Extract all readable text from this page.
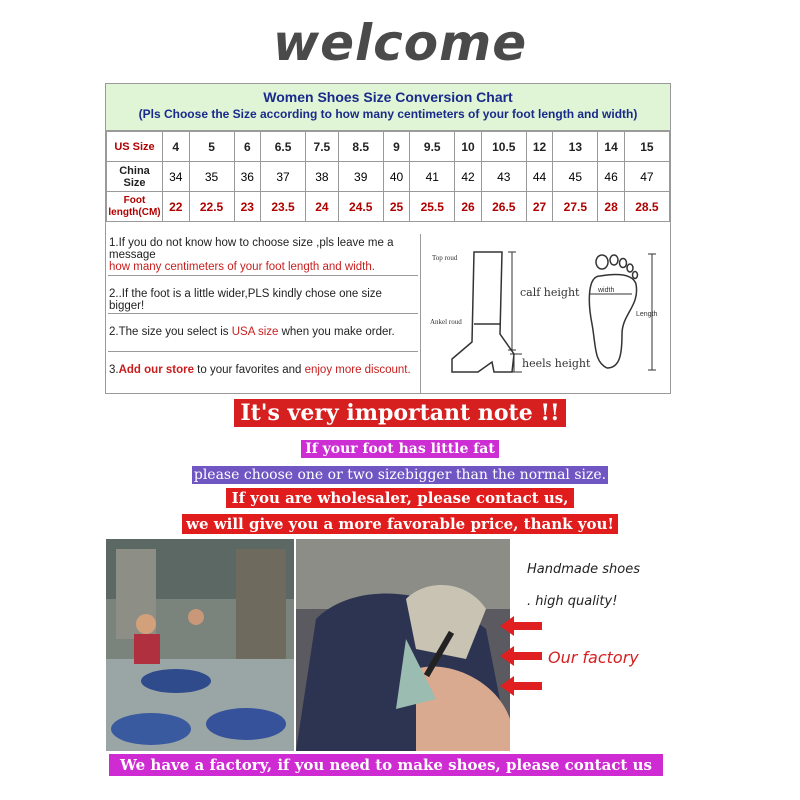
welcome
Women Shoes Size Conversion Chart
(Pls Choose the Size according to how many centimeters of your foot length and width)
US Size	4	5	6	6.5	7.5	8.5	9	9.5	10	10.5	12	13	14	15
China Size	34	35	36	37	38	39	40	41	42	43	44	45	46	47
Foot length(CM)	22	22.5	23	23.5	24	24.5	25	25.5	26	26.5	27	27.5	28	28.5
1.If you do not know how to choose size ,pls leave me a message
how many centimeters of your foot length and width.
2..If the foot is a little wider,PLS kindly chose one size bigger!
2.The size you select is USA size when you make order.
3.Add our store to your favorites and enjoy more discount.
Top roud
Ankel roud
calf height
heels height
width
Length
It's very important note !!
If your foot has little fat
please choose one or two sizebigger than the normal size.
If you are wholesaler, please contact us,
we will give you a more favorable price, thank you!
Handmade shoes
. high quality!
Our factory
We have a factory, if you need to make shoes, please contact us
